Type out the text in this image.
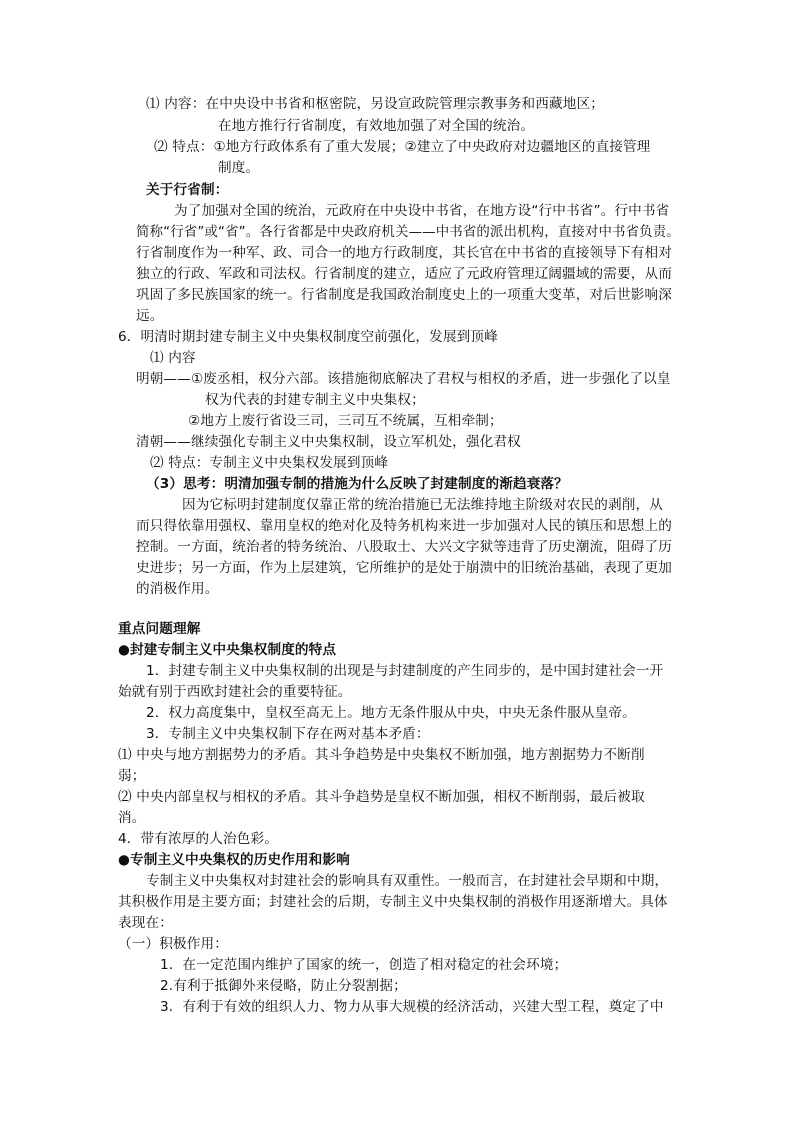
⑴ 内容：在中央设中书省和枢密院，另设宣政院管理宗教事务和西藏地区；
在地方推行行省制度，有效地加强了对全国的统治。
⑵ 特点：①地方行政体系有了重大发展；②建立了中央政府对边疆地区的直接管理
制度。
关于行省制：
为了加强对全国的统治，元政府在中央设中书省，在地方设“行中书省”。行中书省
简称“行省”或“省”。各行省都是中央政府机关——中书省的派出机构，直接对中书省负责。
行省制度作为一种军、政、司合一的地方行政制度，其长官在中书省的直接领导下有相对
独立的行政、军政和司法权。行省制度的建立，适应了元政府管理辽阔疆域的需要，从而
巩固了多民族国家的统一。行省制度是我国政治制度史上的一项重大变革，对后世影响深
远。
6．明清时期封建专制主义中央集权制度空前强化，发展到顶峰
⑴ 内容
明朝——①废丞相，权分六部。该措施彻底解决了君权与相权的矛盾，进一步强化了以皇
权为代表的封建专制主义中央集权；
②地方上废行省设三司，三司互不统属，互相牵制；
清朝——继续强化专制主义中央集权制，设立军机处，强化君权
⑵ 特点：专制主义中央集权发展到顶峰
（3）思考：明清加强专制的措施为什么反映了封建制度的渐趋衰落？
因为它标明封建制度仅靠正常的统治措施已无法维持地主阶级对农民的剥削，从
而只得依靠用强权、靠用皇权的绝对化及特务机构来进一步加强对人民的镇压和思想上的
控制。一方面，统治者的特务统治、八股取士、大兴文字狱等违背了历史潮流，阻碍了历
史进步；另一方面，作为上层建筑，它所维护的是处于崩溃中的旧统治基础，表现了更加
的消极作用。
重点问题理解
●封建专制主义中央集权制度的特点
1．封建专制主义中央集权制的出现是与封建制度的产生同步的，是中国封建社会一开
始就有别于西欧封建社会的重要特征。
2．权力高度集中，皇权至高无上。地方无条件服从中央，中央无条件服从皇帝。
3．专制主义中央集权制下存在两对基本矛盾：
⑴ 中央与地方割据势力的矛盾。其斗争趋势是中央集权不断加强，地方割据势力不断削
弱；
⑵ 中央内部皇权与相权的矛盾。其斗争趋势是皇权不断加强，相权不断削弱，最后被取
消。
4．带有浓厚的人治色彩。
●专制主义中央集权的历史作用和影响
专制主义中央集权对封建社会的影响具有双重性。一般而言，在封建社会早期和中期，
其积极作用是主要方面；封建社会的后期，专制主义中央集权制的消极作用逐渐增大。具体
表现在：
（一）积极作用：
1．在一定范围内维护了国家的统一，创造了相对稳定的社会环境；
2.有利于抵御外来侵略，防止分裂割据；
3．有利于有效的组织人力、物力从事大规模的经济活动，兴建大型工程，奠定了中
